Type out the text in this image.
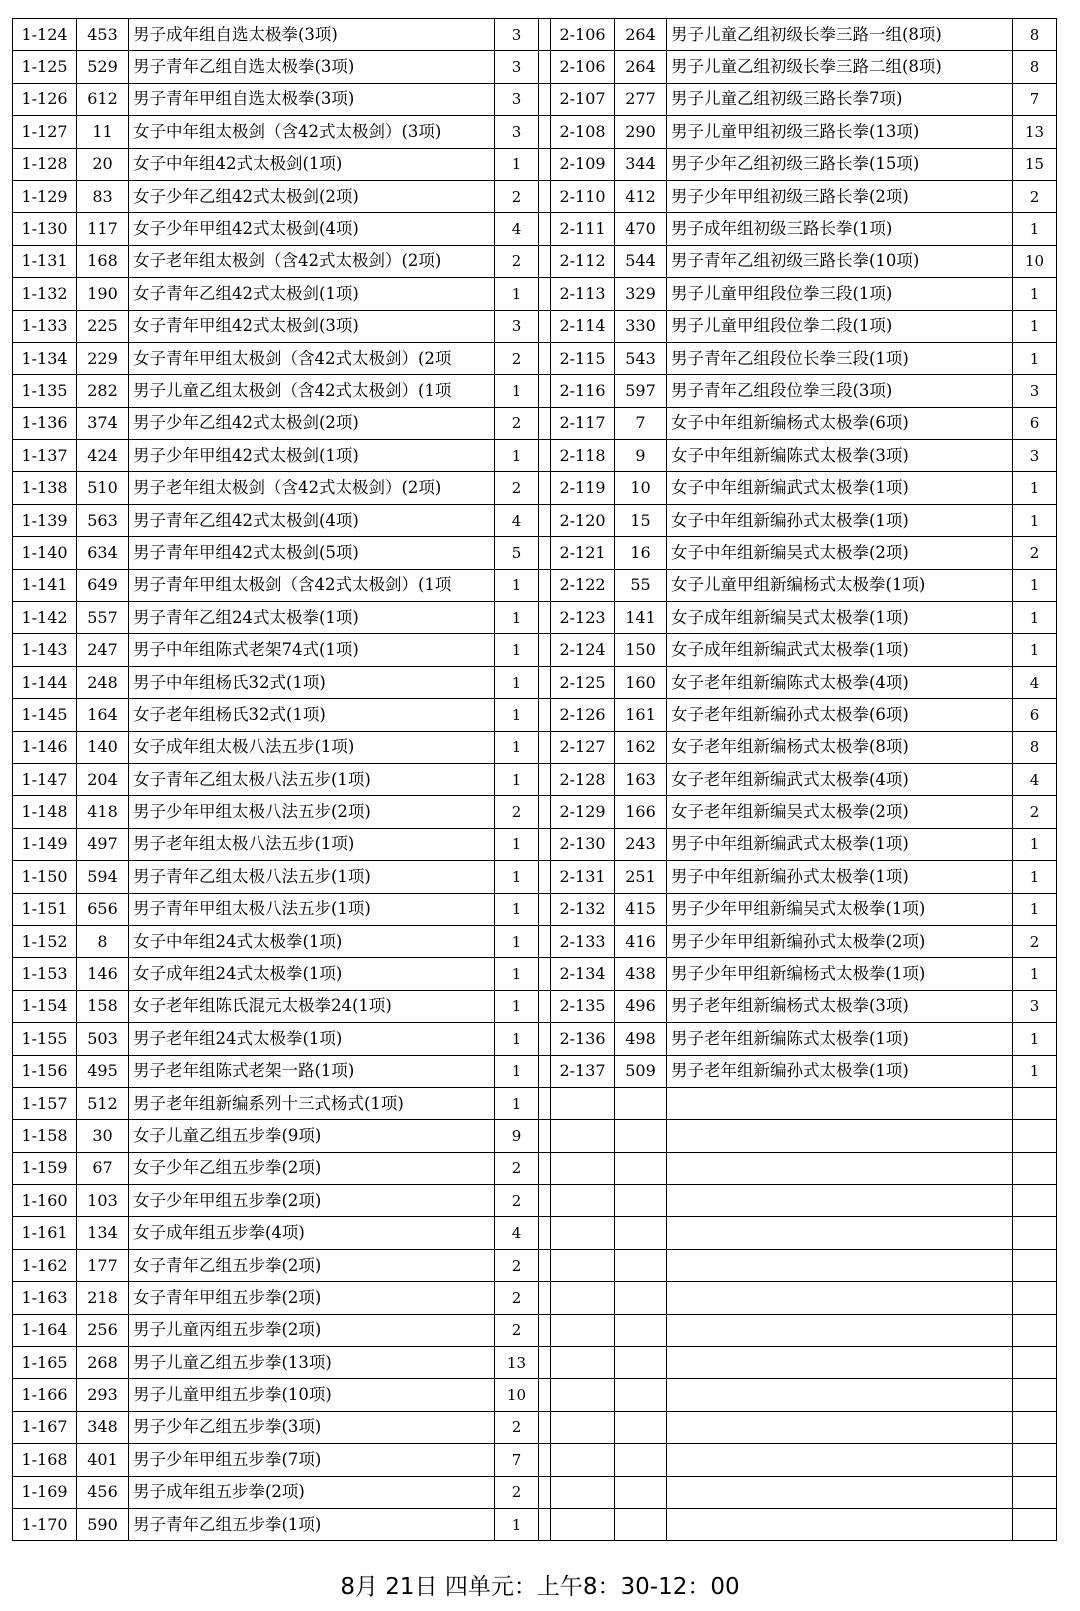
1-124	453	男子成年组自选太极拳(3项)	3		2-106	264	男子儿童乙组初级长拳三路一组(8项)	8
1-125	529	男子青年乙组自选太极拳(3项)	3		2-106	264	男子儿童乙组初级长拳三路二组(8项)	8
1-126	612	男子青年甲组自选太极拳(3项)	3		2-107	277	男子儿童乙组初级三路长拳7项)	7
1-127	11	女子中年组太极剑（含42式太极剑）(3项)	3		2-108	290	男子儿童甲组初级三路长拳(13项)	13
1-128	20	女子中年组42式太极剑(1项)	1		2-109	344	男子少年乙组初级三路长拳(15项)	15
1-129	83	女子少年乙组42式太极剑(2项)	2		2-110	412	男子少年甲组初级三路长拳(2项)	2
1-130	117	女子少年甲组42式太极剑(4项)	4		2-111	470	男子成年组初级三路长拳(1项)	1
1-131	168	女子老年组太极剑（含42式太极剑）(2项)	2		2-112	544	男子青年乙组初级三路长拳(10项)	10
1-132	190	女子青年乙组42式太极剑(1项)	1		2-113	329	男子儿童甲组段位拳三段(1项)	1
1-133	225	女子青年甲组42式太极剑(3项)	3		2-114	330	男子儿童甲组段位拳二段(1项)	1
1-134	229	女子青年甲组太极剑（含42式太极剑）(2项	2		2-115	543	男子青年乙组段位长拳三段(1项)	1
1-135	282	男子儿童乙组太极剑（含42式太极剑）(1项	1		2-116	597	男子青年乙组段位拳三段(3项)	3
1-136	374	男子少年乙组42式太极剑(2项)	2		2-117	7	女子中年组新编杨式太极拳(6项)	6
1-137	424	男子少年甲组42式太极剑(1项)	1		2-118	9	女子中年组新编陈式太极拳(3项)	3
1-138	510	男子老年组太极剑（含42式太极剑）(2项)	2		2-119	10	女子中年组新编武式太极拳(1项)	1
1-139	563	男子青年乙组42式太极剑(4项)	4		2-120	15	女子中年组新编孙式太极拳(1项)	1
1-140	634	男子青年甲组42式太极剑(5项)	5		2-121	16	女子中年组新编吴式太极拳(2项)	2
1-141	649	男子青年甲组太极剑（含42式太极剑）(1项	1		2-122	55	女子儿童甲组新编杨式太极拳(1项)	1
1-142	557	男子青年乙组24式太极拳(1项)	1		2-123	141	女子成年组新编吴式太极拳(1项)	1
1-143	247	男子中年组陈式老架74式(1项)	1		2-124	150	女子成年组新编武式太极拳(1项)	1
1-144	248	男子中年组杨氏32式(1项)	1		2-125	160	女子老年组新编陈式太极拳(4项)	4
1-145	164	女子老年组杨氏32式(1项)	1		2-126	161	女子老年组新编孙式太极拳(6项)	6
1-146	140	女子成年组太极八法五步(1项)	1		2-127	162	女子老年组新编杨式太极拳(8项)	8
1-147	204	女子青年乙组太极八法五步(1项)	1		2-128	163	女子老年组新编武式太极拳(4项)	4
1-148	418	男子少年甲组太极八法五步(2项)	2		2-129	166	女子老年组新编吴式太极拳(2项)	2
1-149	497	男子老年组太极八法五步(1项)	1		2-130	243	男子中年组新编武式太极拳(1项)	1
1-150	594	男子青年乙组太极八法五步(1项)	1		2-131	251	男子中年组新编孙式太极拳(1项)	1
1-151	656	男子青年甲组太极八法五步(1项)	1		2-132	415	男子少年甲组新编吴式太极拳(1项)	1
1-152	8	女子中年组24式太极拳(1项)	1		2-133	416	男子少年甲组新编孙式太极拳(2项)	2
1-153	146	女子成年组24式太极拳(1项)	1		2-134	438	男子少年甲组新编杨式太极拳(1项)	1
1-154	158	女子老年组陈氏混元太极拳24(1项)	1		2-135	496	男子老年组新编杨式太极拳(3项)	3
1-155	503	男子老年组24式太极拳(1项)	1		2-136	498	男子老年组新编陈式太极拳(1项)	1
1-156	495	男子老年组陈式老架一路(1项)	1		2-137	509	男子老年组新编孙式太极拳(1项)	1
1-157	512	男子老年组新编系列十三式杨式(1项)	1					
1-158	30	女子儿童乙组五步拳(9项)	9					
1-159	67	女子少年乙组五步拳(2项)	2					
1-160	103	女子少年甲组五步拳(2项)	2					
1-161	134	女子成年组五步拳(4项)	4					
1-162	177	女子青年乙组五步拳(2项)	2					
1-163	218	女子青年甲组五步拳(2项)	2					
1-164	256	男子儿童丙组五步拳(2项)	2					
1-165	268	男子儿童乙组五步拳(13项)	13					
1-166	293	男子儿童甲组五步拳(10项)	10					
1-167	348	男子少年乙组五步拳(3项)	2					
1-168	401	男子少年甲组五步拳(7项)	7					
1-169	456	男子成年组五步拳(2项)	2					
1-170	590	男子青年乙组五步拳(1项)	1					
8月 21日 四单元：上午8：30-12：00
